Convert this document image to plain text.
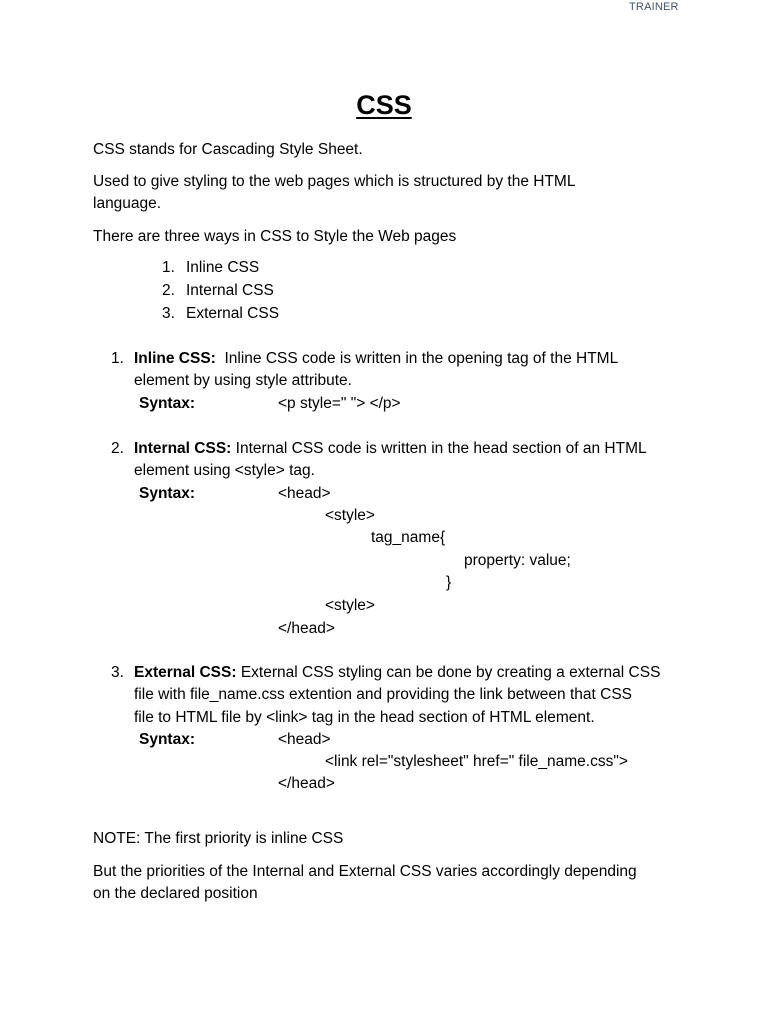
TRAINER
CSS
CSS stands for Cascading Style Sheet.
Used to give styling to the web pages which is structured by the HTML
language.
There are three ways in CSS to Style the Web pages
1. Inline CSS
2. Internal CSS
3. External CSS
1. Inline CSS: Inline CSS code is written in the opening tag of the HTML
element by using style attribute.
Syntax:	<p style=" "> </p>
2. Internal CSS: Internal CSS code is written in the head section of an HTML
element using <style> tag.
Syntax:	<head>
<style>
tag_name{
property: value;
}
<style>
</head>
3. External CSS: External CSS styling can be done by creating a external CSS
file with file_name.css extention and providing the link between that CSS
file to HTML file by <link> tag in the head section of HTML element.
Syntax:	<head>
<link rel="stylesheet" href=" file_name.css">
</head>
NOTE: The first priority is inline CSS
But the priorities of the Internal and External CSS varies accordingly depending
on the declared position
